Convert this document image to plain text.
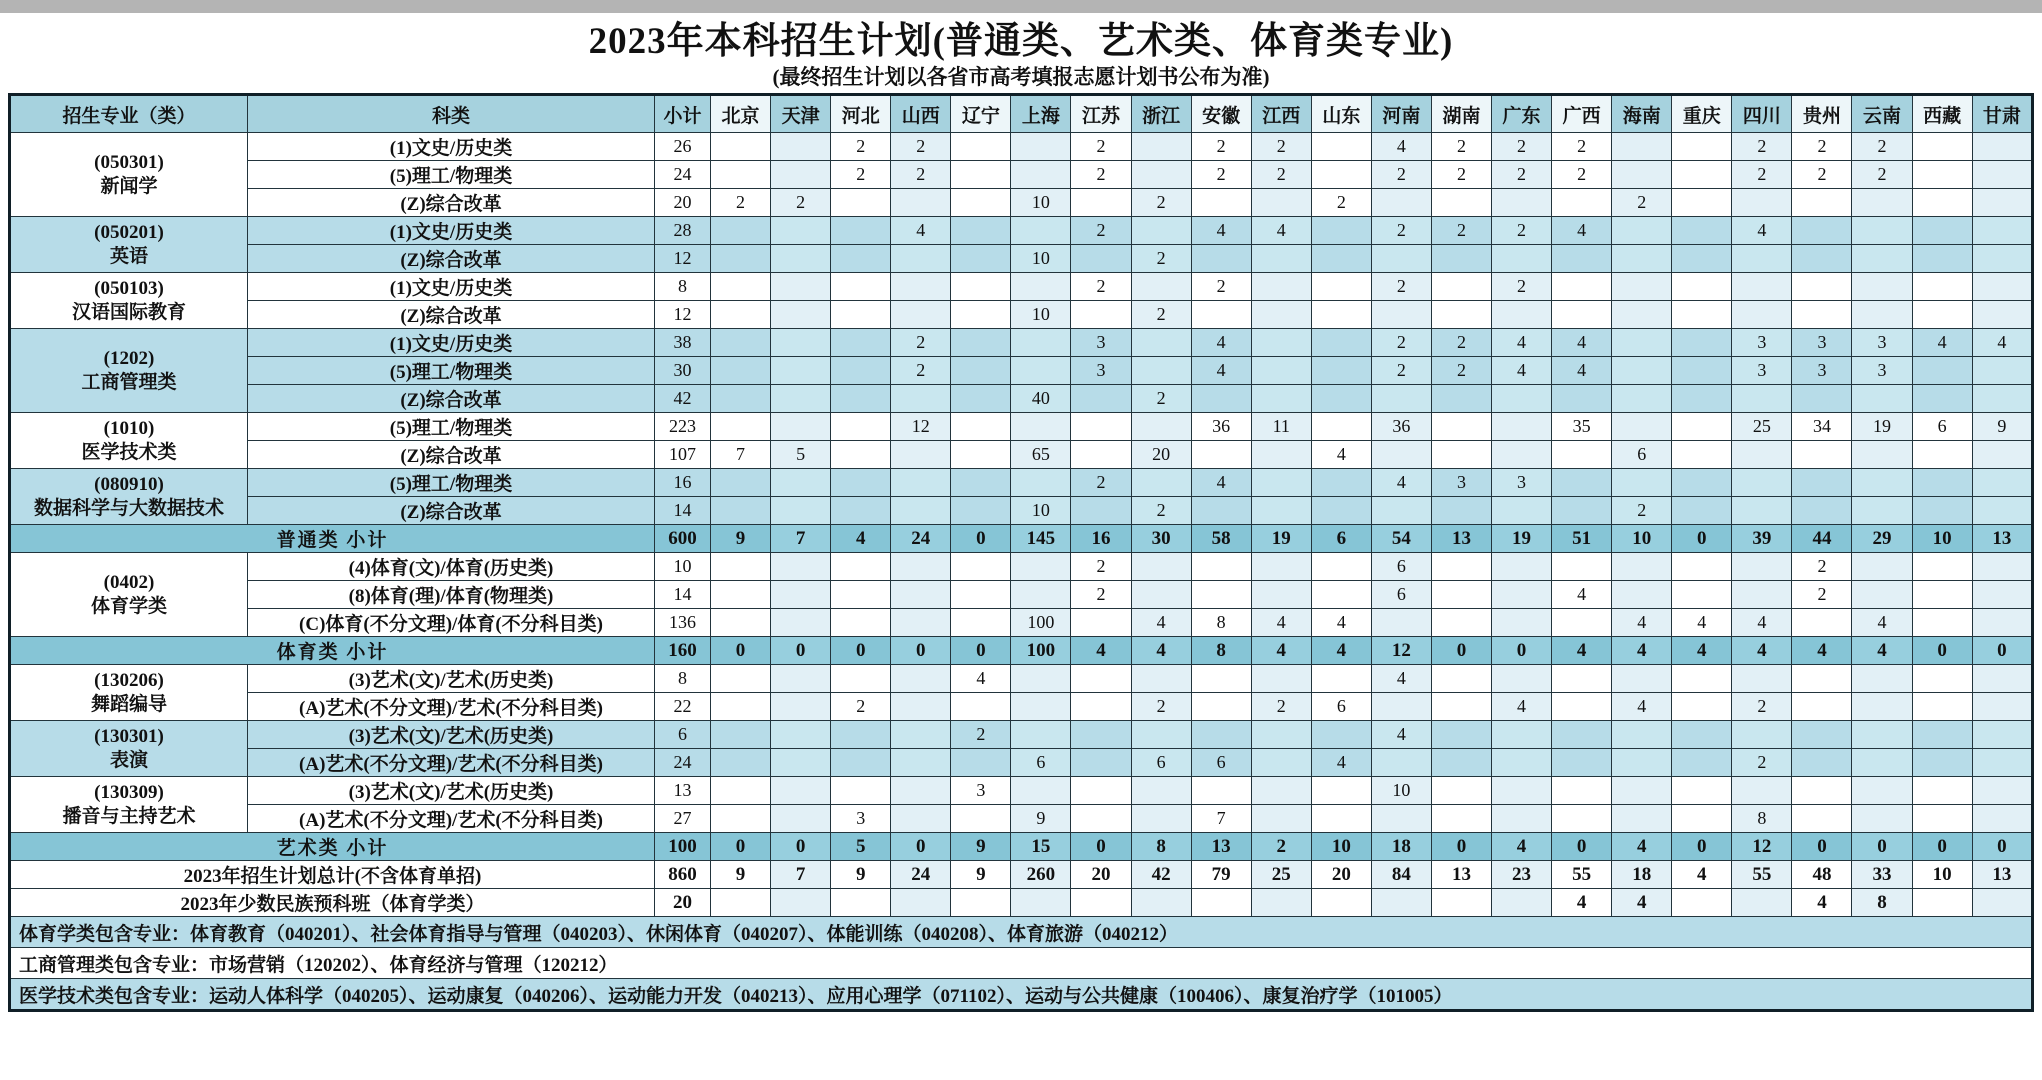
2023年本科招生计划(普通类、艺术类、体育类专业)
(最终招生计划以各省市高考填报志愿计划书公布为准)
招生专业（类）	科类	小计	北京	天津	河北	山西	辽宁	上海	江苏	浙江	安徽	江西	山东	河南	湖南	广东	广西	海南	重庆	四川	贵州	云南	西藏	甘肃

(050301)
新闻学	(1)文史/历史类	26			2	2			2		2	2		4	2	2	2			2	2	2		
	(5)理工/物理类	24			2	2			2		2	2		2	2	2	2			2	2	2		
	(Z)综合改革	20	2	2				10		2			2					2						

(050201)
英语	(1)文史/历史类	28				4			2		4	4		2	2	2	4			4				
	(Z)综合改革	12						10		2														

(050103)
汉语国际教育	(1)文史/历史类	8							2		2			2		2								
	(Z)综合改革	12						10		2														

(1202)
工商管理类	(1)文史/历史类	38				2			3		4			2	2	4	4			3	3	3	4	4
	(5)理工/物理类	30				2			3		4			2	2	4	4			3	3	3		
	(Z)综合改革	42						40		2														

(1010)
医学技术类	(5)理工/物理类	223				12					36	11		36			35			25	34	19	6	9
	(Z)综合改革	107	7	5				65		20			4					6						

(080910)
数据科学与大数据技术	(5)理工/物理类	16							2		4			4	3	3								
	(Z)综合改革	14						10		2								2						
普通类 小计		600	9	7	4	24	0	145	16	30	58	19	6	54	13	19	51	10	0	39	44	29	10	13

(0402)
体育学类	(4)体育(文)/体育(历史类)	10							2					6							2			
	(8)体育(理)/体育(物理类)	14							2					6			4				2			
	(C)体育(不分文理)/体育(不分科目类)	136						100		4	8	4	4					4	4	4		4		
体育类 小计		160	0	0	0	0	0	100	4	4	8	4	4	12	0	0	4	4	4	4	4	4	0	0

(130206)
舞蹈编导	(3)艺术(文)/艺术(历史类)	8					4							4										
	(A)艺术(不分文理)/艺术(不分科目类)	22			2					2		2	6			4		4		2				

(130301)
表演	(3)艺术(文)/艺术(历史类)	6					2							4										
	(A)艺术(不分文理)/艺术(不分科目类)	24						6		6	6		4							2				

(130309)
播音与主持艺术	(3)艺术(文)/艺术(历史类)	13					3							10										
	(A)艺术(不分文理)/艺术(不分科目类)	27			3			9			7									8				
艺术类 小计		100	0	0	5	0	9	15	0	8	13	2	10	18	0	4	0	4	0	12	0	0	0	0
2023年招生计划总计(不含体育单招)		860	9	7	9	24	9	260	20	42	79	25	20	84	13	23	55	18	4	55	48	33	10	13
2023年少数民族预科班（体育学类）		20															4	4			4	8		
体育学类包含专业：体育教育（040201）、社会体育指导与管理（040203）、休闲体育（040207）、体能训练（040208）、体育旅游（040212）																								
工商管理类包含专业：市场营销（120202）、体育经济与管理（120212）																								
医学技术类包含专业：运动人体科学（040205）、运动康复（040206）、运动能力开发（040213）、应用心理学（071102）、运动与公共健康（100406）、康复治疗学（101005）																								
